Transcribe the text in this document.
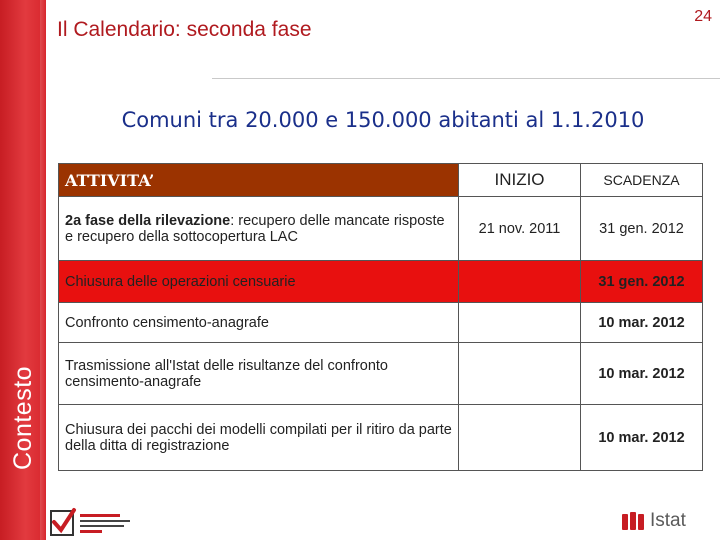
Il Calendario: seconda fase
24
Comuni tra 20.000 e 150.000 abitanti al 1.1.2010
ATTIVITA’	INIZIO	SCADENZA
2a fase della rilevazione: recupero delle mancate risposte e recupero della sottocopertura LAC	21 nov. 2011	31 gen. 2012
Chiusura delle operazioni censuarie		31 gen. 2012
Confronto censimento-anagrafe		10 mar. 2012
Trasmissione all'Istat delle risultanze del confronto censimento-anagrafe		10 mar. 2012
Chiusura dei pacchi dei modelli compilati per il ritiro da parte della ditta di registrazione		10 mar. 2012
Istat
